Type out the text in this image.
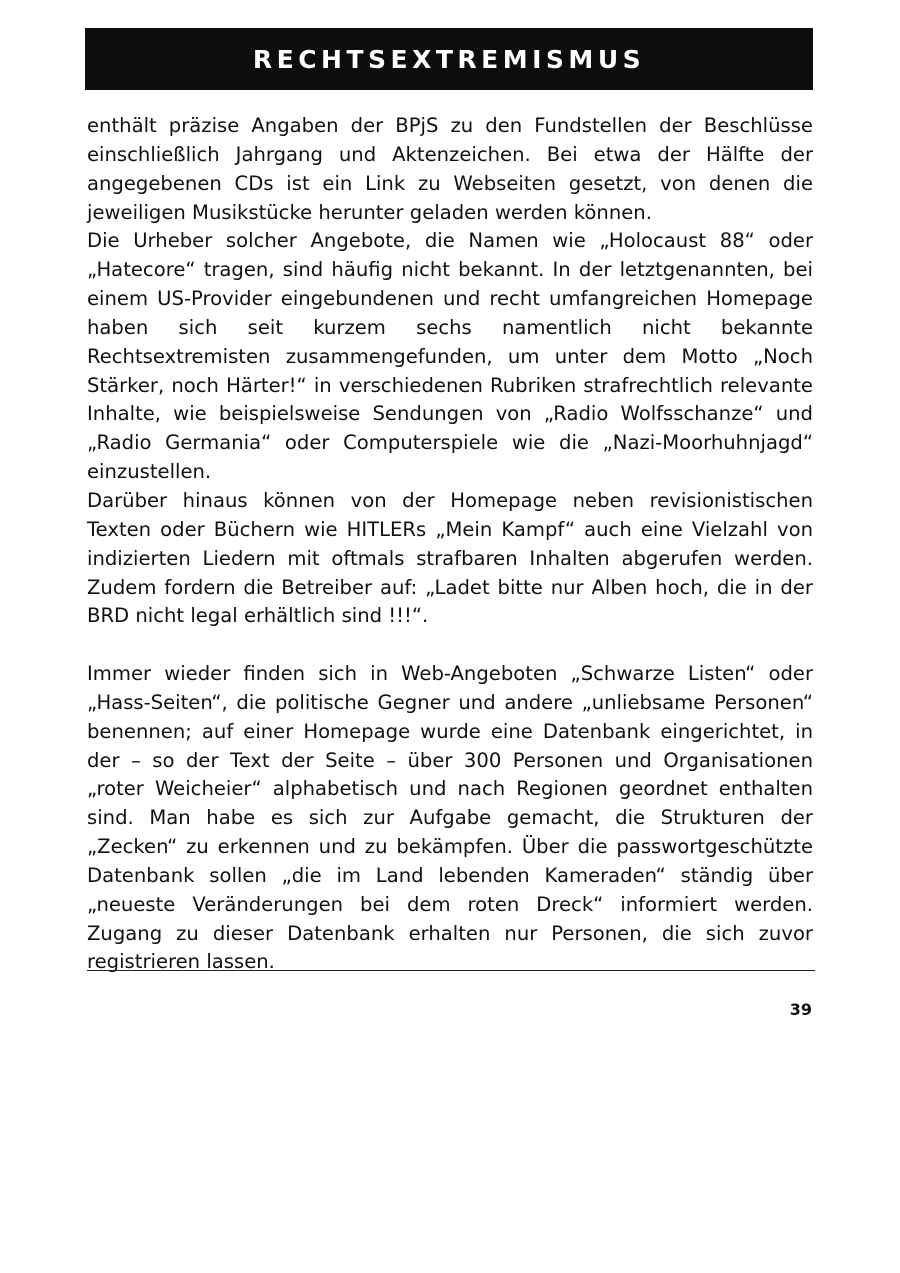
RECHTSEXTREMISMUS

enthält präzise Angaben der BPjS zu den Fundstellen der Beschlüsse einschließlich Jahrgang und Aktenzeichen. Bei etwa der Hälfte der angegebenen CDs ist ein Link zu Webseiten gesetzt, von denen die jeweiligen Musikstücke herunter geladen werden können.

Die Urheber solcher Angebote, die Namen wie „Holocaust 88“ oder „Hatecore“ tragen, sind häufig nicht bekannt. In der letztgenannten, bei einem US-Provider eingebundenen und recht umfangreichen Homepage haben sich seit kurzem sechs namentlich nicht bekannte Rechtsextremisten zusammengefunden, um unter dem Motto „Noch Stärker, noch Härter!“ in verschiedenen Rubriken strafrechtlich relevante Inhalte, wie beispielsweise Sendungen von „Radio Wolfsschanze“ und „Radio Germania“ oder Computerspiele wie die „Nazi-Moorhuhnjagd“ einzustellen.

Darüber hinaus können von der Homepage neben revisionistischen Texten oder Büchern wie HITLERs „Mein Kampf“ auch eine Vielzahl von indizierten Liedern mit oftmals strafbaren Inhalten abgerufen werden. Zudem fordern die Betreiber auf: „Ladet bitte nur Alben hoch, die in der BRD nicht legal erhältlich sind !!!“.

Immer wieder finden sich in Web-Angeboten „Schwarze Listen“ oder „Hass-Seiten“, die politische Gegner und andere „unliebsame Personen“ benennen; auf einer Homepage wurde eine Datenbank eingerichtet, in der – so der Text der Seite – über 300 Personen und Organisationen „roter Weicheier“ alphabetisch und nach Regionen geordnet enthalten sind. Man habe es sich zur Aufgabe gemacht, die Strukturen der „Zecken“ zu erkennen und zu bekämpfen. Über die passwortgeschützte Datenbank sollen „die im Land lebenden Kameraden“ ständig über „neueste Veränderungen bei dem roten Dreck“ informiert werden. Zugang zu dieser Datenbank erhalten nur Personen, die sich zuvor registrieren lassen.

39
